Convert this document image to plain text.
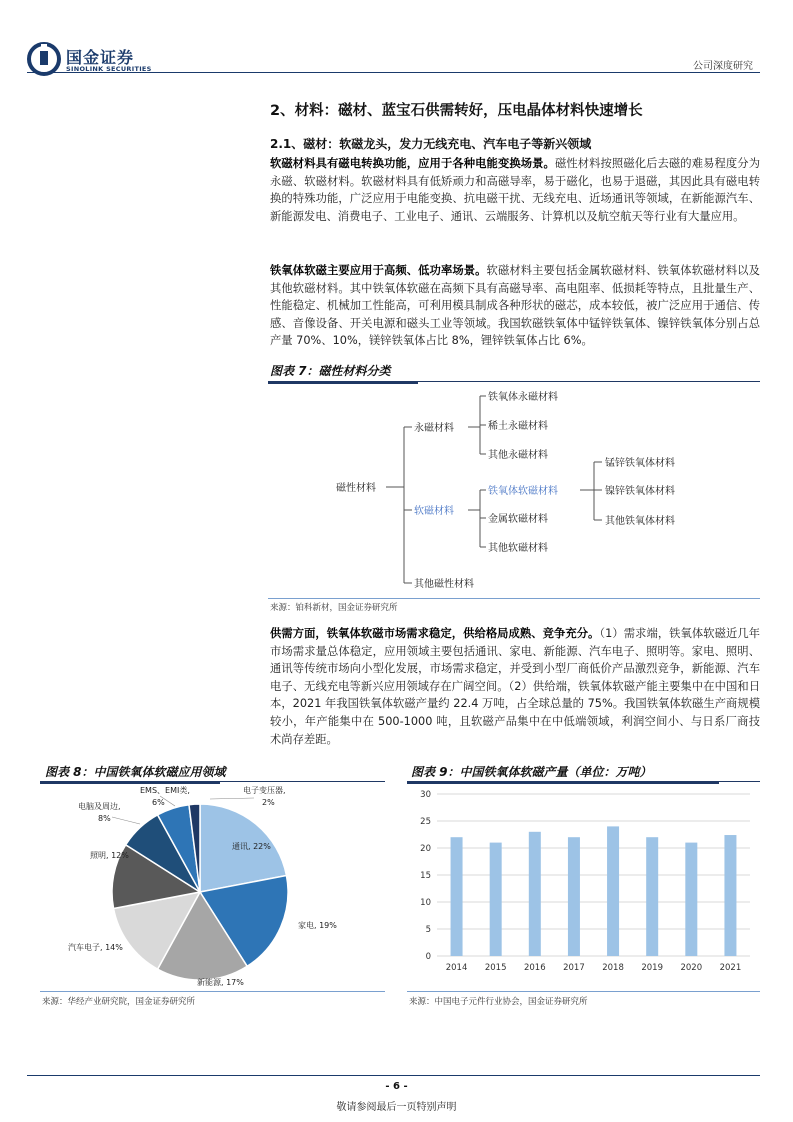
国金证券
SINOLINK SECURITIES	公司深度研究
2、材料：磁材、蓝宝石供需转好，压电晶体材料快速增长
2.1、磁材：软磁龙头，发力无线充电、汽车电子等新兴领域
软磁材料具有磁电转换功能，应用于各种电能变换场景。磁性材料按照磁化后去磁的难易程度分为永磁、软磁材料。软磁材料具有低矫顽力和高磁导率，易于磁化，也易于退磁，其因此具有磁电转换的特殊功能，广泛应用于电能变换、抗电磁干扰、无线充电、近场通讯等领域，在新能源汽车、新能源发电、消费电子、工业电子、通讯、云端服务、计算机以及航空航天等行业有大量应用。
铁氧体软磁主要应用于高频、低功率场景。软磁材料主要包括金属软磁材料、铁氧体软磁材料以及其他软磁材料。其中铁氧体软磁在高频下具有高磁导率、高电阻率、低损耗等特点，且批量生产、性能稳定、机械加工性能高，可利用模具制成各种形状的磁芯，成本较低，被广泛应用于通信、传感、音像设备、开关电源和磁头工业等领域。我国软磁铁氧体中锰锌铁氧体、镍锌铁氧体分别占总产量 70%、10%，镁锌铁氧体占比 8%，锂锌铁氧体占比 6%。
图表 7：磁性材料分类
磁性材料
永磁材料
软磁材料
其他磁性材料
铁氧体永磁材料
稀土永磁材料
其他永磁材料
铁氧体软磁材料
金属软磁材料
其他软磁材料
锰锌铁氧体材料
镍锌铁氧体材料
其他铁氧体材料
来源：铂科新材，国金证券研究所
供需方面，铁氧体软磁市场需求稳定，供给格局成熟、竞争充分。（1）需求端，铁氧体软磁近几年市场需求量总体稳定，应用领域主要包括通讯、家电、新能源、汽车电子、照明等。家电、照明、通讯等传统市场向小型化发展，市场需求稳定，并受到小型厂商低价产品激烈竞争，新能源、汽车电子、无线充电等新兴应用领域存在广阔空间。（2）供给端，铁氧体软磁产能主要集中在中国和日本，2021 年我国铁氧体软磁产量约 22.4 万吨，占全球总量的 75%。我国铁氧体软磁生产商规模较小，年产能集中在 500-1000 吨，且软磁产品集中在中低端领域，利润空间小、与日系厂商技术尚存差距。
图表 8：中国铁氧体软磁应用领域
通讯, 22%
家电, 19%
新能源, 17%
汽车电子, 14%
照明, 12%
电脑及周边,
8%
EMS、EMI类,
6%
电子变压器,
2%
来源：华经产业研究院，国金证券研究所
图表 9：中国铁氧体软磁产量（单位：万吨）
0
5
10
15
20
25
30
2014 2015 2016 2017 2018 2019 2020 2021
来源：中国电子元件行业协会，国金证券研究所
- 6 -
敬请参阅最后一页特别声明
